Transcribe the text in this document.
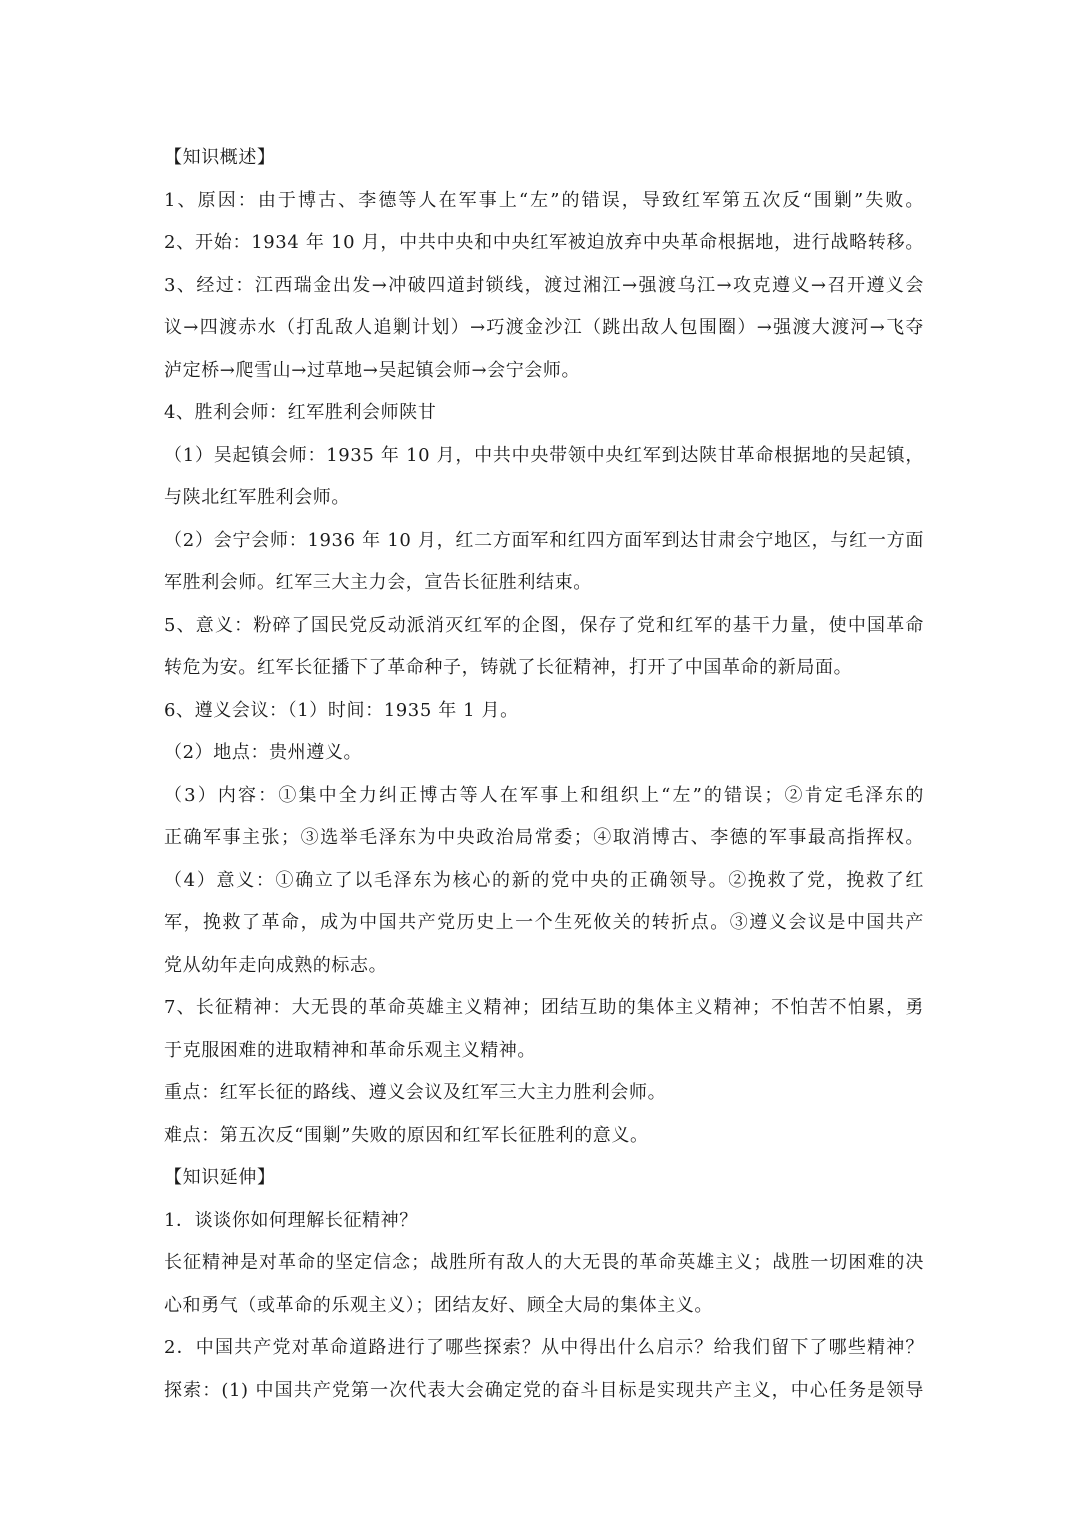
【知识概述】
1、原因：由于博古、李德等人在军事上“左”的错误，导致红军第五次反“围剿”失败。
2、开始：1934 年 10 月，中共中央和中央红军被迫放弃中央革命根据地，进行战略转移。
3、经过：江西瑞金出发→冲破四道封锁线，渡过湘江→强渡乌江→攻克遵义→召开遵义会
议→四渡赤水（打乱敌人追剿计划）→巧渡金沙江（跳出敌人包围圈）→强渡大渡河→飞夺
泸定桥→爬雪山→过草地→吴起镇会师→会宁会师。
4、胜利会师：红军胜利会师陕甘
（1）吴起镇会师：1935 年 10 月，中共中央带领中央红军到达陕甘革命根据地的吴起镇，
与陕北红军胜利会师。
（2）会宁会师：1936 年 10 月，红二方面军和红四方面军到达甘肃会宁地区，与红一方面
军胜利会师。红军三大主力会，宣告长征胜利结束。
5、意义：粉碎了国民党反动派消灭红军的企图，保存了党和红军的基干力量，使中国革命
转危为安。红军长征播下了革命种子，铸就了长征精神，打开了中国革命的新局面。
6、遵义会议：（1）时间：1935 年 1 月。
（2）地点：贵州遵义。
（3）内容：①集中全力纠正博古等人在军事上和组织上“左”的错误；②肯定毛泽东的
正确军事主张；③选举毛泽东为中央政治局常委；④取消博古、李德的军事最高指挥权。
（4）意义：①确立了以毛泽东为核心的新的党中央的正确领导。②挽救了党，挽救了红
军，挽救了革命，成为中国共产党历史上一个生死攸关的转折点。③遵义会议是中国共产
党从幼年走向成熟的标志。
7、长征精神：大无畏的革命英雄主义精神；团结互助的集体主义精神；不怕苦不怕累，勇
于克服困难的进取精神和革命乐观主义精神。
重点：红军长征的路线、遵义会议及红军三大主力胜利会师。
难点：第五次反“围剿”失败的原因和红军长征胜利的意义。
【知识延伸】
1．谈谈你如何理解长征精神？
长征精神是对革命的坚定信念；战胜所有敌人的大无畏的革命英雄主义；战胜一切困难的决
心和勇气（或革命的乐观主义）；团结友好、顾全大局的集体主义。
2．中国共产党对革命道路进行了哪些探索？从中得出什么启示？给我们留下了哪些精神？
探索：(1) 中国共产党第一次代表大会确定党的奋斗目标是实现共产主义，中心任务是领导
